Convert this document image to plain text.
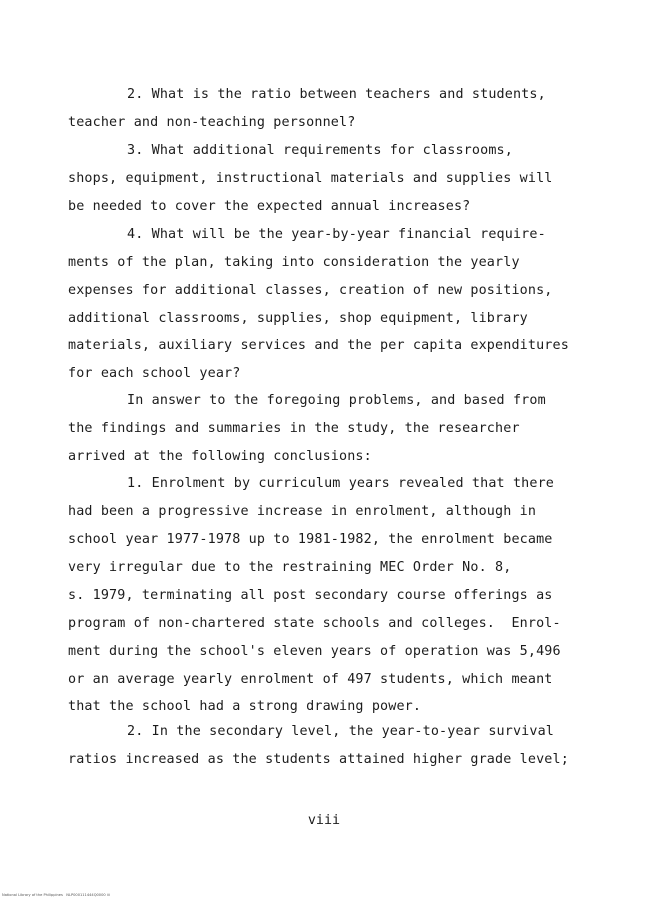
2. What is the ratio between teachers and students,
teacher and non-teaching personnel?
3. What additional requirements for classrooms,
shops, equipment, instructional materials and supplies will
be needed to cover the expected annual increases?
4. What will be the year-by-year financial require-
ments of the plan, taking into consideration the yearly
expenses for additional classes, creation of new positions,
additional classrooms, supplies, shop equipment, library
materials, auxiliary services and the per capita expenditures
for each school year?
In answer to the foregoing problems, and based from
the findings and summaries in the study, the researcher
arrived at the following conclusions:
1. Enrolment by curriculum years revealed that there
had been a progressive increase in enrolment, although in
school year 1977-1978 up to 1981-1982, the enrolment became
very irregular due to the restraining MEC Order No. 8,
s. 1979, terminating all post secondary course offerings as
program of non-chartered state schools and colleges.  Enrol-
ment during the school's eleven years of operation was 5,496
or an average yearly enrolment of 497 students, which meant
that the school had a strong drawing power.
2. In the secondary level, the year-to-year survival
ratios increased as the students attained higher grade level;
viii
National Library of the Philippines   NLP000111444Q0000 iii
